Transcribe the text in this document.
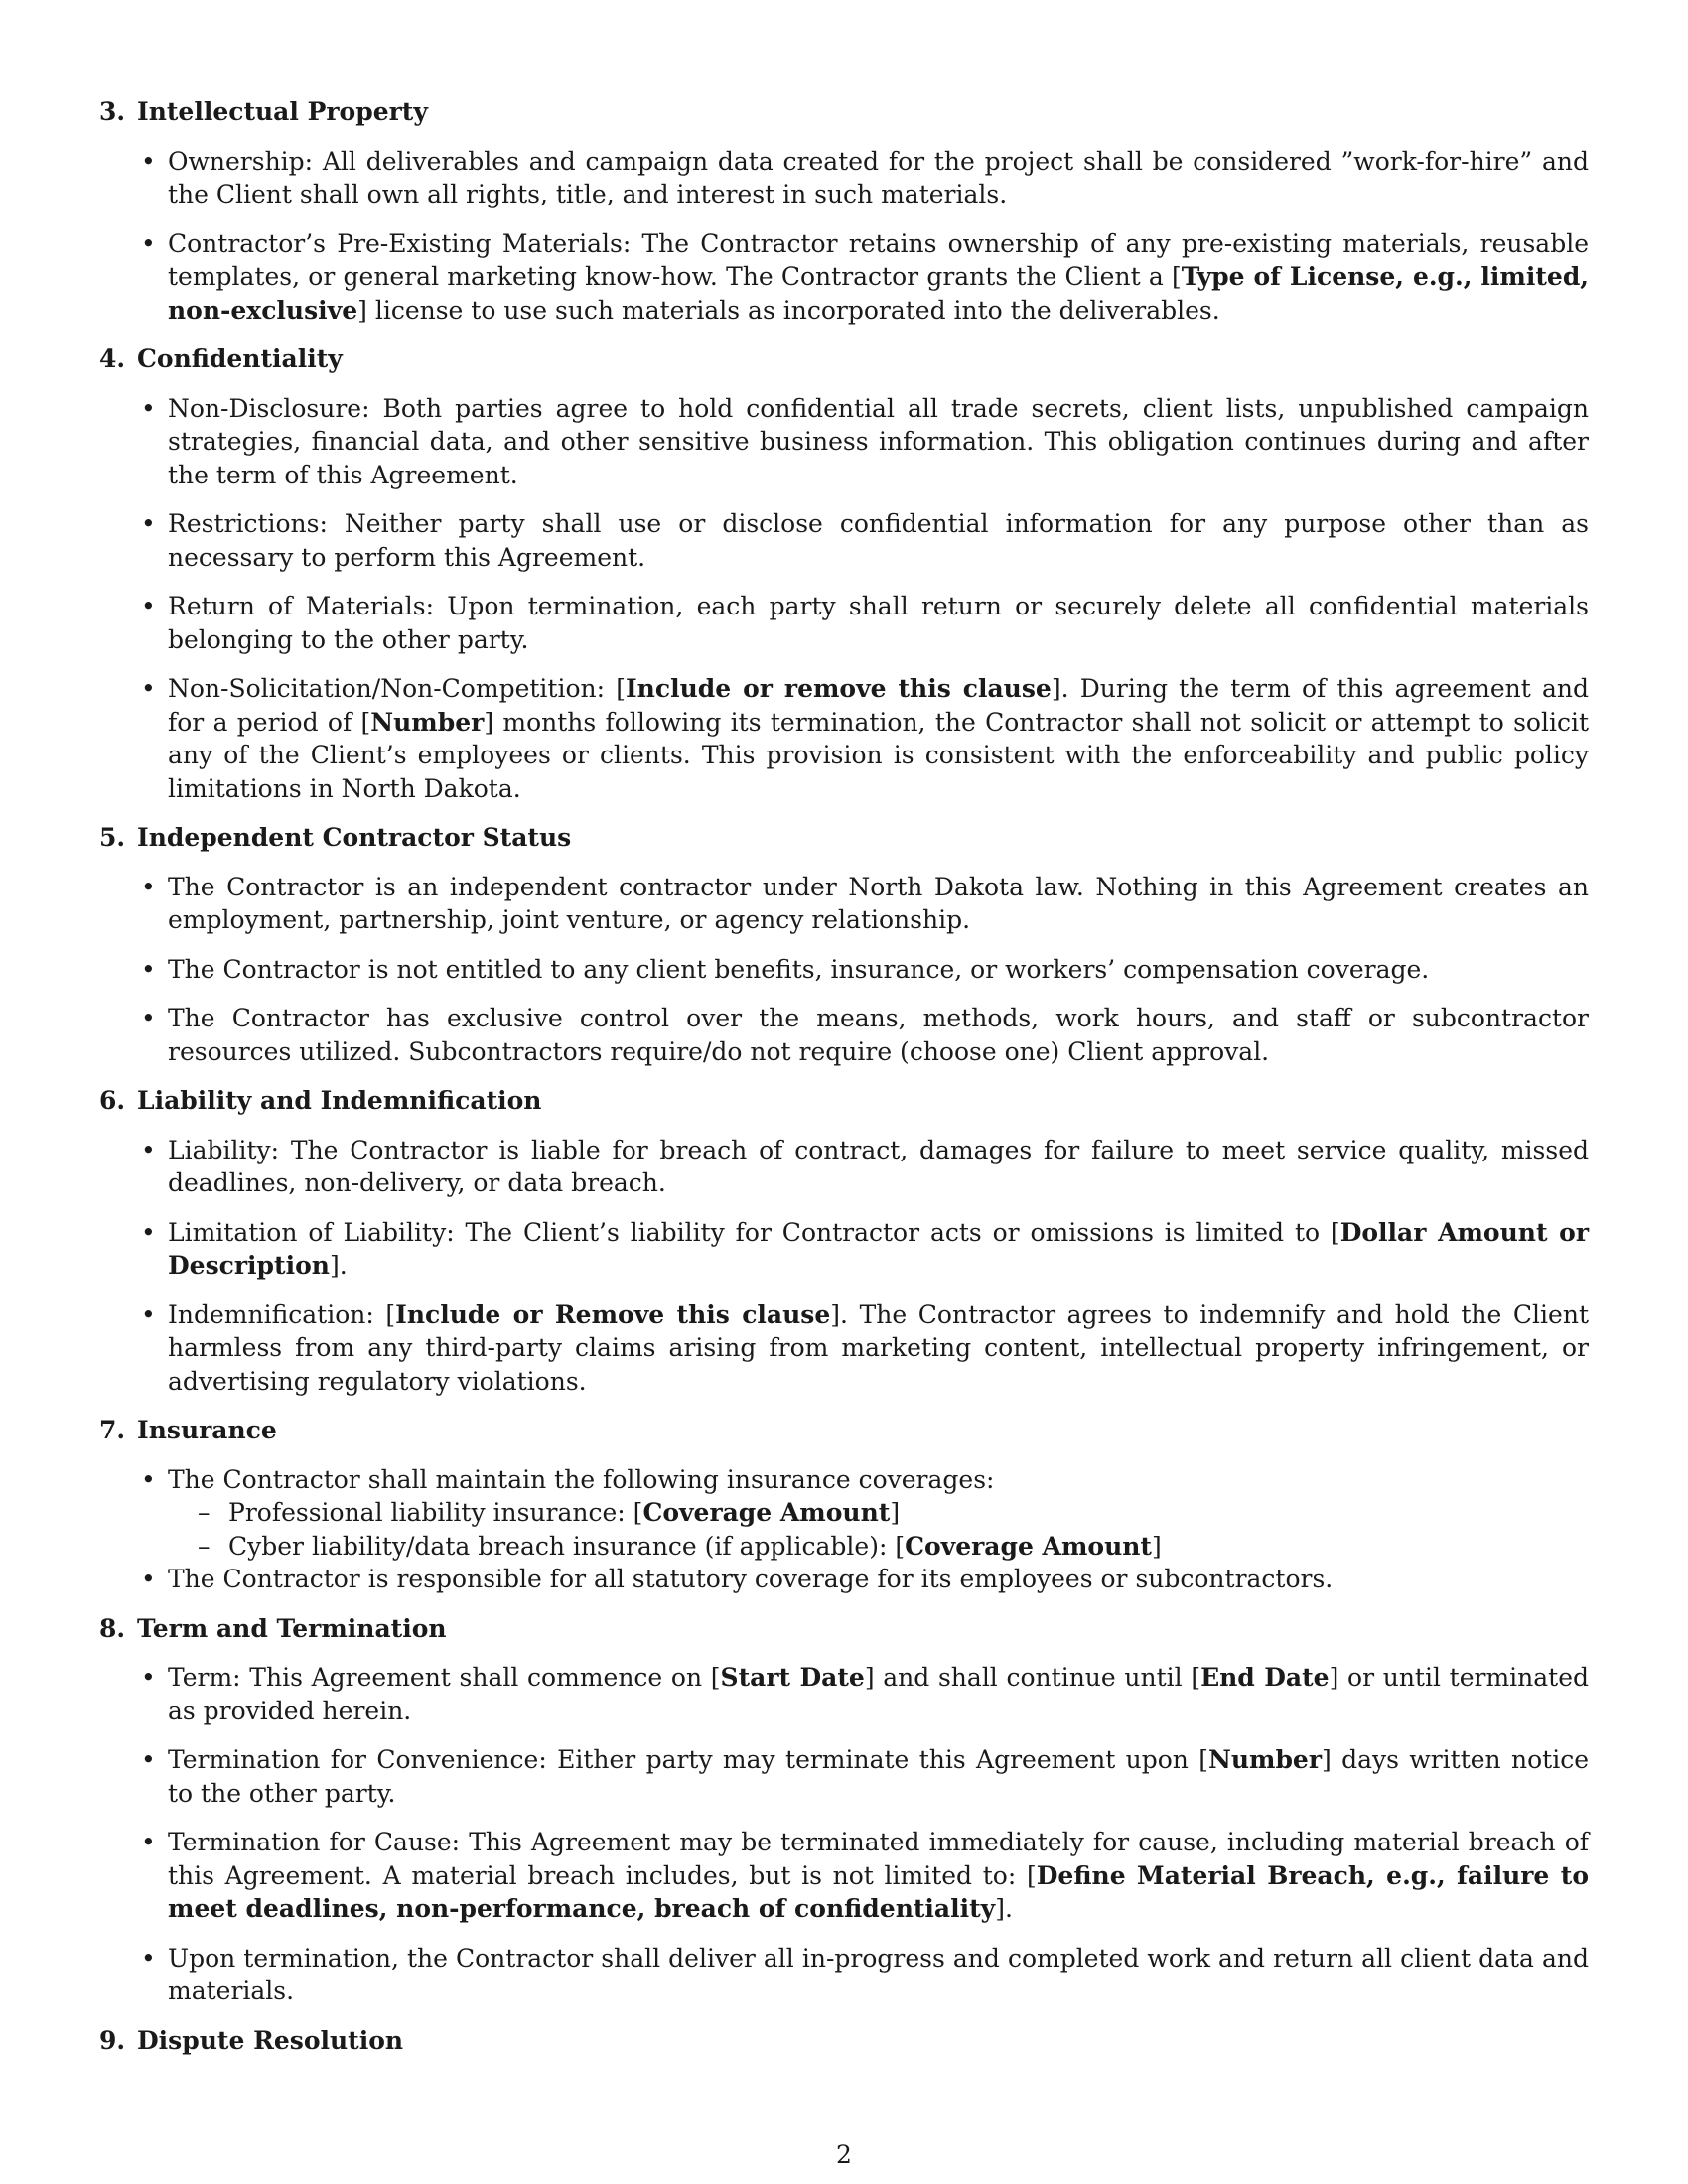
3. Intellectual Property
• Ownership: All deliverables and campaign data created for the project shall be considered ”work-for-hire” and the Client shall own all rights, title, and interest in such materials.
• Contractor’s Pre-Existing Materials: The Contractor retains ownership of any pre-existing materials, reusable templates, or general marketing know-how. The Contractor grants the Client a [Type of License, e.g., limited, non-exclusive] license to use such materials as incorporated into the deliverables.
4. Confidentiality
• Non-Disclosure: Both parties agree to hold confidential all trade secrets, client lists, unpublished campaign strategies, financial data, and other sensitive business information. This obligation continues during and after the term of this Agreement.
• Restrictions: Neither party shall use or disclose confidential information for any purpose other than as necessary to perform this Agreement.
• Return of Materials: Upon termination, each party shall return or securely delete all confidential materials belonging to the other party.
• Non-Solicitation/Non-Competition: [Include or remove this clause]. During the term of this agreement and for a period of [Number] months following its termination, the Contractor shall not solicit or attempt to solicit any of the Client’s employees or clients. This provision is consistent with the enforceability and public policy limitations in North Dakota.
5. Independent Contractor Status
• The Contractor is an independent contractor under North Dakota law. Nothing in this Agreement creates an employment, partnership, joint venture, or agency relationship.
• The Contractor is not entitled to any client benefits, insurance, or workers’ compensation coverage.
• The Contractor has exclusive control over the means, methods, work hours, and staff or subcontractor resources utilized. Subcontractors require/do not require (choose one) Client approval.
6. Liability and Indemnification
• Liability: The Contractor is liable for breach of contract, damages for failure to meet service quality, missed deadlines, non-delivery, or data breach.
• Limitation of Liability: The Client’s liability for Contractor acts or omissions is limited to [Dollar Amount or Description].
• Indemnification: [Include or Remove this clause]. The Contractor agrees to indemnify and hold the Client harmless from any third-party claims arising from marketing content, intellectual property infringement, or advertising regulatory violations.
7. Insurance
• The Contractor shall maintain the following insurance coverages:
– Professional liability insurance: [Coverage Amount]
– Cyber liability/data breach insurance (if applicable): [Coverage Amount]
• The Contractor is responsible for all statutory coverage for its employees or subcontractors.
8. Term and Termination
• Term: This Agreement shall commence on [Start Date] and shall continue until [End Date] or until terminated as provided herein.
• Termination for Convenience: Either party may terminate this Agreement upon [Number] days written notice to the other party.
• Termination for Cause: This Agreement may be terminated immediately for cause, including material breach of this Agreement. A material breach includes, but is not limited to: [Define Material Breach, e.g., failure to meet deadlines, non-performance, breach of confidentiality].
• Upon termination, the Contractor shall deliver all in-progress and completed work and return all client data and materials.
9. Dispute Resolution
2
